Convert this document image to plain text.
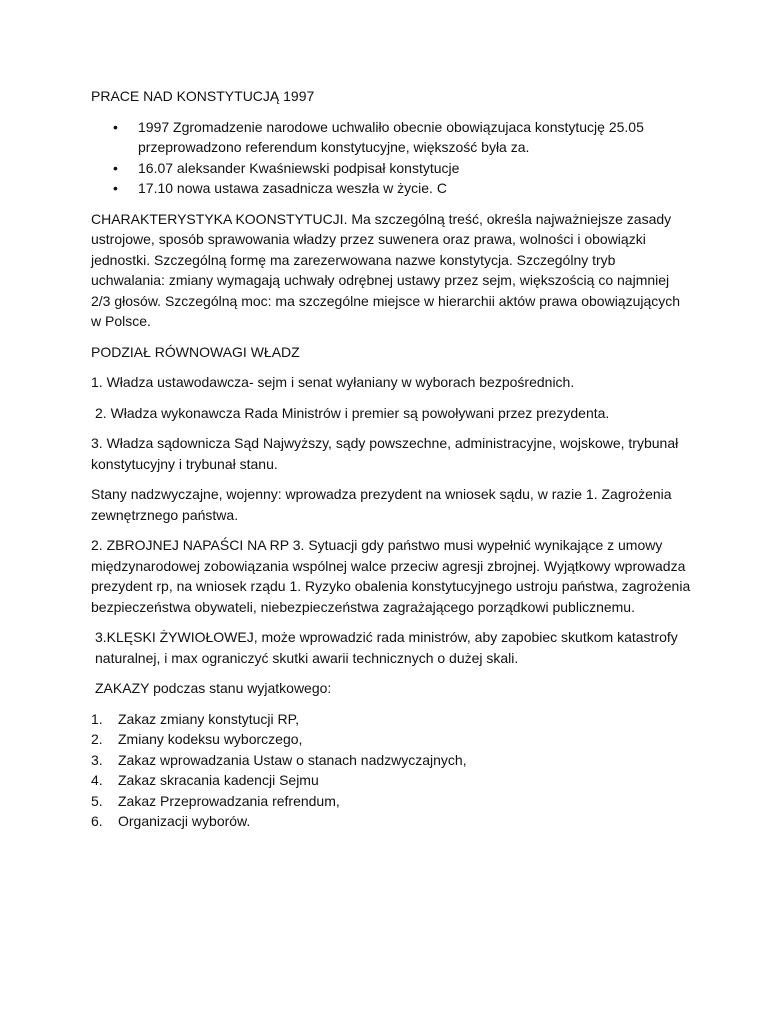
PRACE NAD KONSTYTUCJĄ 1997

• 1997 Zgromadzenie narodowe uchwaliło obecnie obowiązujaca konstytucję 25.05 przeprowadzono referendum konstytucyjne, większość była za.
• 16.07 aleksander Kwaśniewski podpisał konstytucje
• 17.10 nowa ustawa zasadnicza weszła w życie. C

CHARAKTERYSTYKA KOONSTYTUCJI. Ma szczególną treść, określa najważniejsze zasady ustrojowe, sposób sprawowania władzy przez suwenera oraz prawa, wolności i obowiązki jednostki. Szczególną formę ma zarezerwowana nazwe konstytycja. Szczególny tryb uchwalania: zmiany wymagają uchwały odrębnej ustawy przez sejm, większością co najmniej 2/3 głosów. Szczególną moc: ma szczególne miejsce w hierarchii aktów prawa obowiązujących w Polsce.

PODZIAŁ RÓWNOWAGI WŁADZ

1. Władza ustawodawcza- sejm i senat wyłaniany w wyborach bezpośrednich.

2. Władza wykonawcza Rada Ministrów i premier są powoływani przez prezydenta.

3. Władza sądownicza Sąd Najwyższy, sądy powszechne, administracyjne, wojskowe, trybunał konstytucyjny i trybunał stanu.

Stany nadzwyczajne, wojenny: wprowadza prezydent na wniosek sądu, w razie 1. Zagrożenia zewnętrznego państwa.

2. ZBROJNEJ NAPAŚCI NA RP 3. Sytuacji gdy państwo musi wypełnić wynikające z umowy międzynarodowej zobowiązania wspólnej walce przeciw agresji zbrojnej. Wyjątkowy wprowadza prezydent rp, na wniosek rządu 1. Ryzyko obalenia konstytucyjnego ustroju państwa, zagrożenia bezpieczeństwa obywateli, niebezpieczeństwa zagrażającego porządkowi publicznemu.

3.KLĘSKI ŻYWIOŁOWEJ, może wprowadzić rada ministrów, aby zapobiec skutkom katastrofy naturalnej, i max ograniczyć skutki awarii technicznych o dużej skali.

ZAKAZY podczas stanu wyjatkowego:

1. Zakaz zmiany konstytucji RP,
2. Zmiany kodeksu wyborczego,
3. Zakaz wprowadzania Ustaw o stanach nadzwyczajnych,
4. Zakaz skracania kadencji Sejmu
5. Zakaz Przeprowadzania refrendum,
6. Organizacji wyborów.
